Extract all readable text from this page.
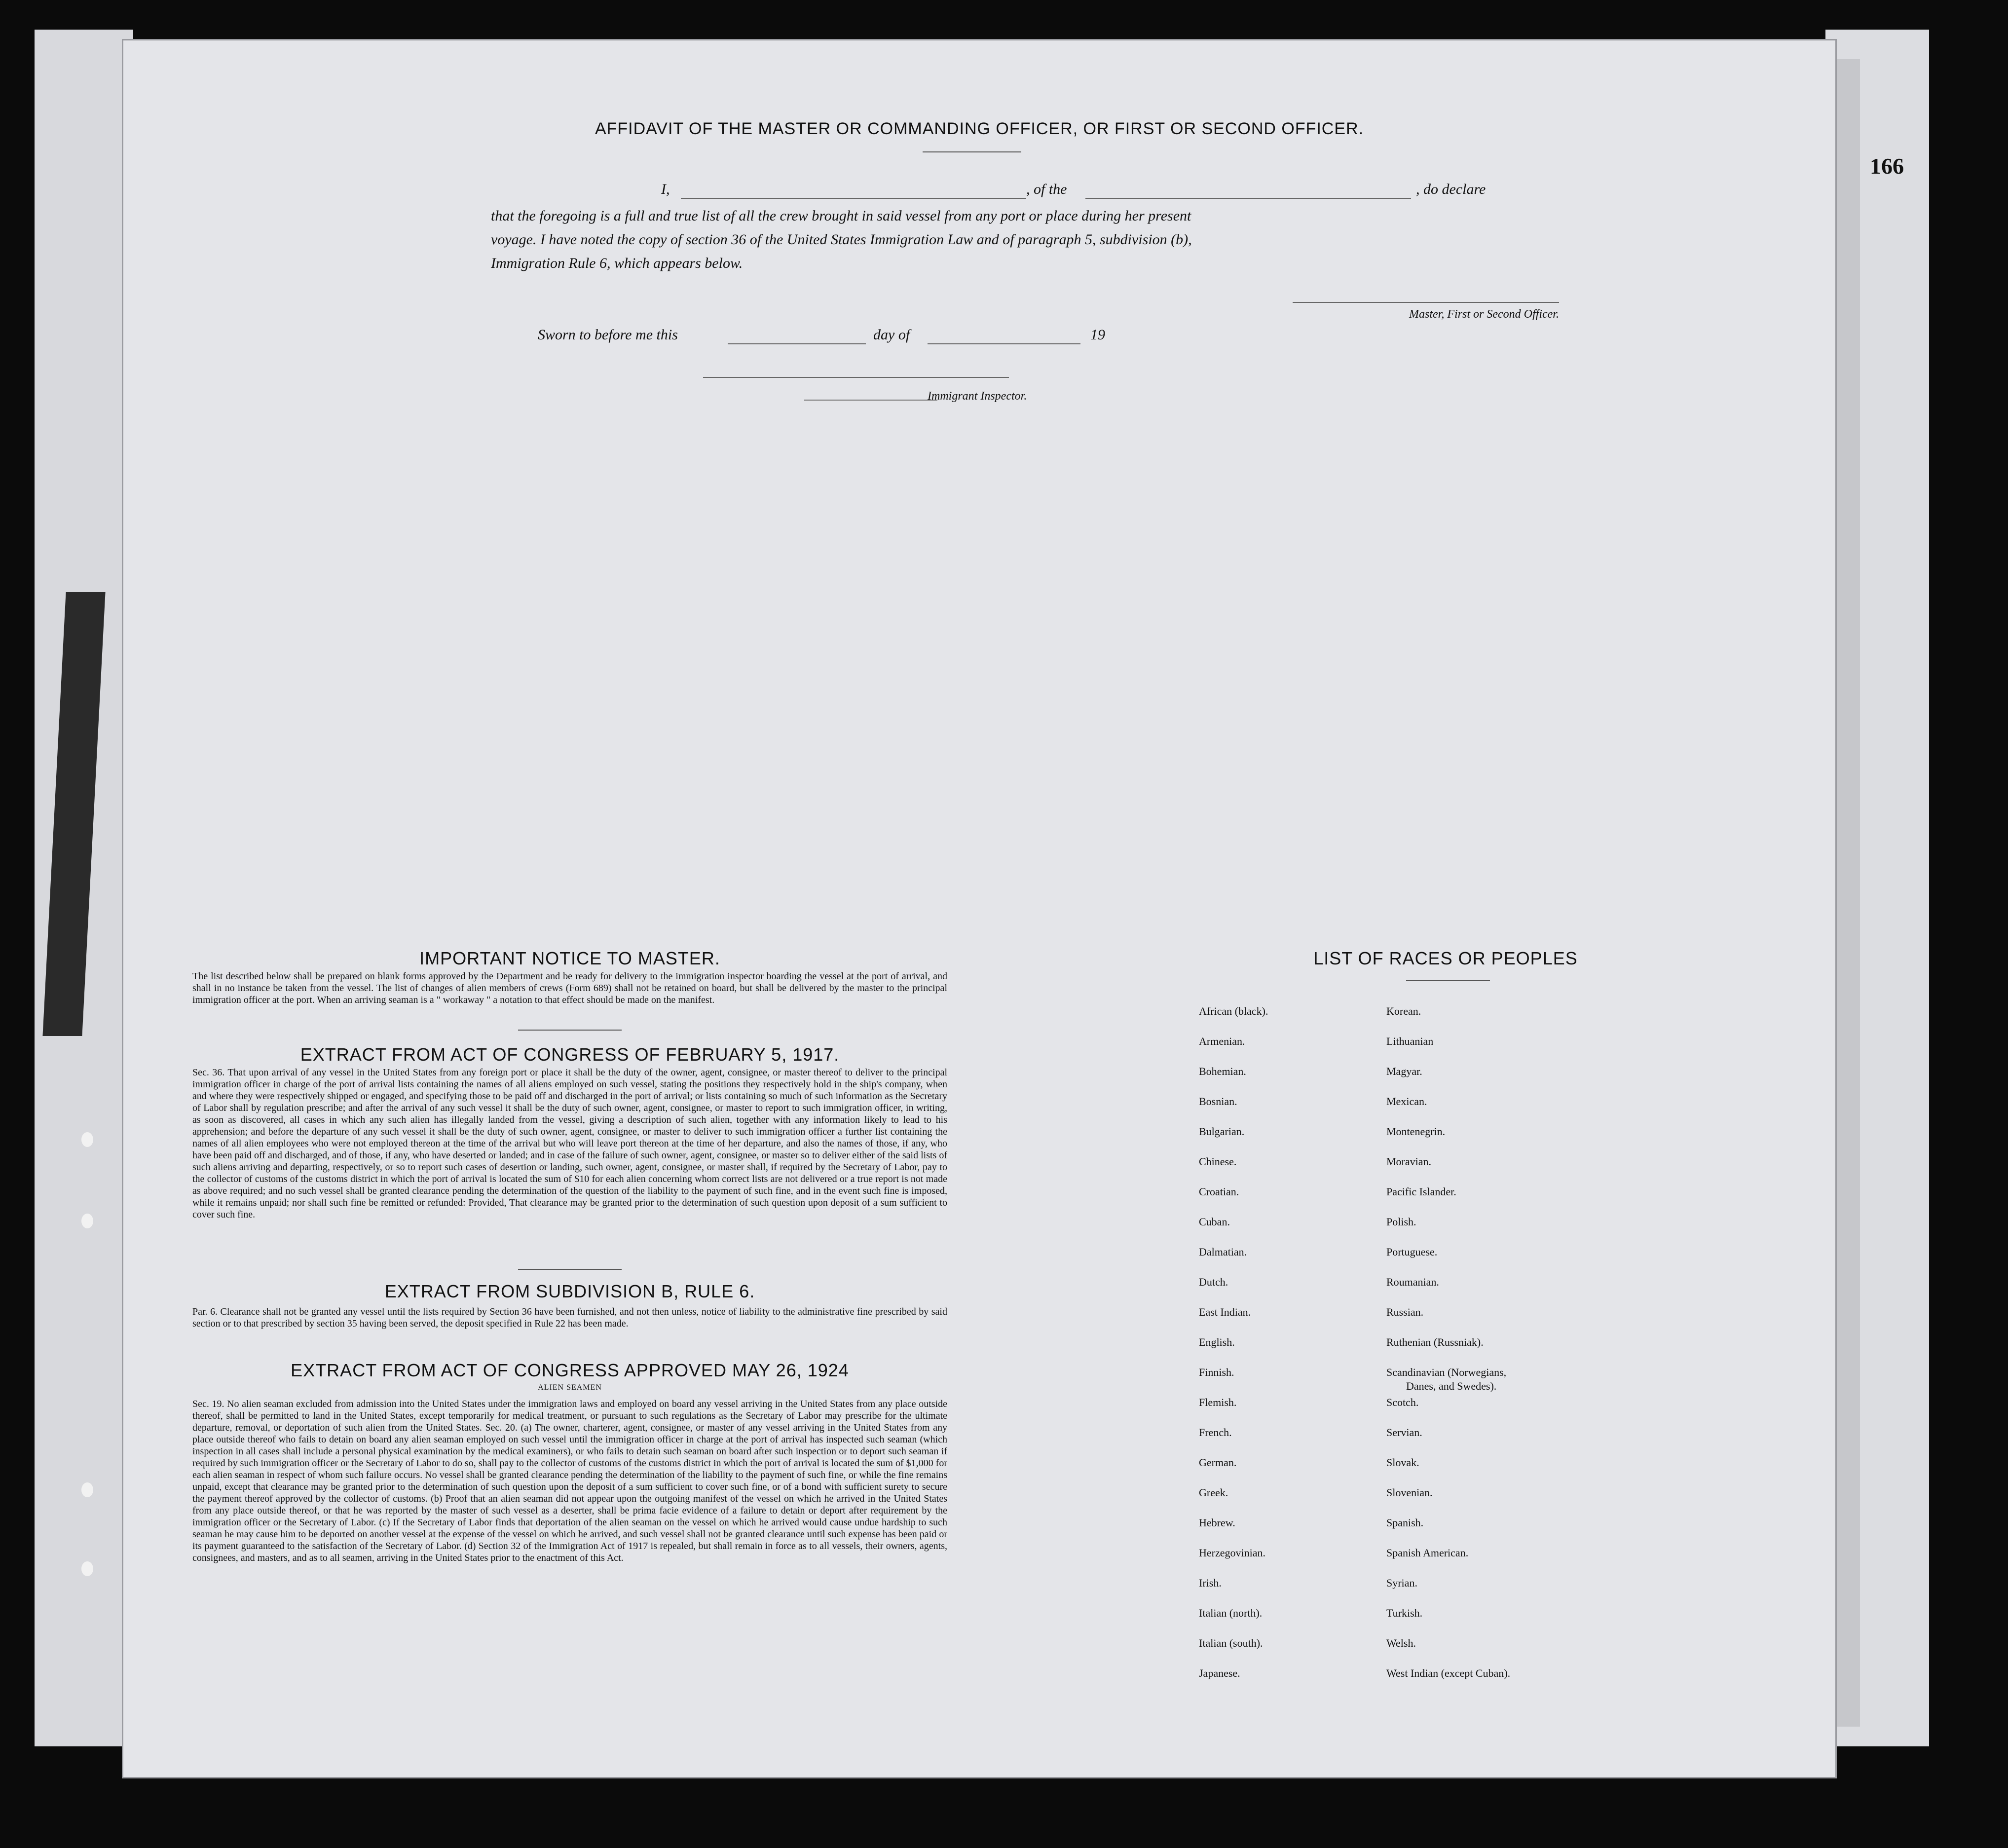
166
AFFIDAVIT OF THE MASTER OR COMMANDING OFFICER, OR FIRST OR SECOND OFFICER.
I,	, of the	, do declare
that the foregoing is a full and true list of all the crew brought in said vessel from any port or place during her present
voyage. I have noted the copy of section 36 of the United States Immigration Law and of paragraph 5, subdivision (b),
Immigration Rule 6, which appears below.
Master, First or Second Officer.
Sworn to before me this	day of	19
Immigrant Inspector.
IMPORTANT NOTICE TO MASTER.
The list described below shall be prepared on blank forms approved by the Department and be ready for delivery to the immigration inspector boarding the vessel at the port of arrival, and shall in no instance be taken from the vessel. The list of changes of alien members of crews (Form 689) shall not be retained on board, but shall be delivered by the master to the principal immigration officer at the port. When an arriving seaman is a " workaway " a notation to that effect should be made on the manifest.
EXTRACT FROM ACT OF CONGRESS OF FEBRUARY 5, 1917.
Sec. 36. That upon arrival of any vessel in the United States from any foreign port or place it shall be the duty of the owner, agent, consignee, or master thereof to deliver to the principal immigration officer in charge of the port of arrival lists containing the names of all aliens employed on such vessel, stating the positions they respectively hold in the ship's company, when and where they were respectively shipped or engaged, and specifying those to be paid off and discharged in the port of arrival; or lists containing so much of such information as the Secretary of Labor shall by regulation prescribe; and after the arrival of any such vessel it shall be the duty of such owner, agent, consignee, or master to report to such immigration officer, in writing, as soon as discovered, all cases in which any such alien has illegally landed from the vessel, giving a description of such alien, together with any information likely to lead to his apprehension; and before the departure of any such vessel it shall be the duty of such owner, agent, consignee, or master to deliver to such immigration officer a further list containing the names of all alien employees who were not employed thereon at the time of the arrival but who will leave port thereon at the time of her departure, and also the names of those, if any, who have been paid off and discharged, and of those, if any, who have deserted or landed; and in case of the failure of such owner, agent, consignee, or master so to deliver either of the said lists of such aliens arriving and departing, respectively, or so to report such cases of desertion or landing, such owner, agent, consignee, or master shall, if required by the Secretary of Labor, pay to the collector of customs of the customs district in which the port of arrival is located the sum of $10 for each alien concerning whom correct lists are not delivered or a true report is not made as above required; and no such vessel shall be granted clearance pending the determination of the question of the liability to the payment of such fine, and in the event such fine is imposed, while it remains unpaid; nor shall such fine be remitted or refunded: Provided, That clearance may be granted prior to the determination of such question upon deposit of a sum sufficient to cover such fine.
EXTRACT FROM SUBDIVISION B, RULE 6.
Par. 6. Clearance shall not be granted any vessel until the lists required by Section 36 have been furnished, and not then unless, notice of liability to the administrative fine prescribed by said section or to that prescribed by section 35 having been served, the deposit specified in Rule 22 has been made.
EXTRACT FROM ACT OF CONGRESS APPROVED MAY 26, 1924
ALIEN SEAMEN
Sec. 19. No alien seaman excluded from admission into the United States under the immigration laws and employed on board any vessel arriving in the United States from any place outside thereof, shall be permitted to land in the United States, except temporarily for medical treatment, or pursuant to such regulations as the Secretary of Labor may prescribe for the ultimate departure, removal, or deportation of such alien from the United States. Sec. 20. (a) The owner, charterer, agent, consignee, or master of any vessel arriving in the United States from any place outside thereof who fails to detain on board any alien seaman employed on such vessel until the immigration officer in charge at the port of arrival has inspected such seaman (which inspection in all cases shall include a personal physical examination by the medical examiners), or who fails to detain such seaman on board after such inspection or to deport such seaman if required by such immigration officer or the Secretary of Labor to do so, shall pay to the collector of customs of the customs district in which the port of arrival is located the sum of $1,000 for each alien seaman in respect of whom such failure occurs. No vessel shall be granted clearance pending the determination of the liability to the payment of such fine, or while the fine remains unpaid, except that clearance may be granted prior to the determination of such question upon the deposit of a sum sufficient to cover such fine, or of a bond with sufficient surety to secure the payment thereof approved by the collector of customs. (b) Proof that an alien seaman did not appear upon the outgoing manifest of the vessel on which he arrived in the United States from any place outside thereof, or that he was reported by the master of such vessel as a deserter, shall be prima facie evidence of a failure to detain or deport after requirement by the immigration officer or the Secretary of Labor. (c) If the Secretary of Labor finds that deportation of the alien seaman on the vessel on which he arrived would cause undue hardship to such seaman he may cause him to be deported on another vessel at the expense of the vessel on which he arrived, and such vessel shall not be granted clearance until such expense has been paid or its payment guaranteed to the satisfaction of the Secretary of Labor. (d) Section 32 of the Immigration Act of 1917 is repealed, but shall remain in force as to all vessels, their owners, agents, consignees, and masters, and as to all seamen, arriving in the United States prior to the enactment of this Act.
LIST OF RACES OR PEOPLES
African (black).
Armenian.
Bohemian.
Bosnian.
Bulgarian.
Chinese.
Croatian.
Cuban.
Dalmatian.
Dutch.
East Indian.
English.
Finnish.
Flemish.
French.
German.
Greek.
Hebrew.
Herzegovinian.
Irish.
Italian (north).
Italian (south).
Japanese.
Korean.
Lithuanian
Magyar.
Mexican.
Montenegrin.
Moravian.
Pacific Islander.
Polish.
Portuguese.
Roumanian.
Russian.
Ruthenian (Russniak).
Scandinavian (Norwegians,
Danes, and Swedes).
Scotch.
Servian.
Slovak.
Slovenian.
Spanish.
Spanish American.
Syrian.
Turkish.
Welsh.
West Indian (except Cuban).
